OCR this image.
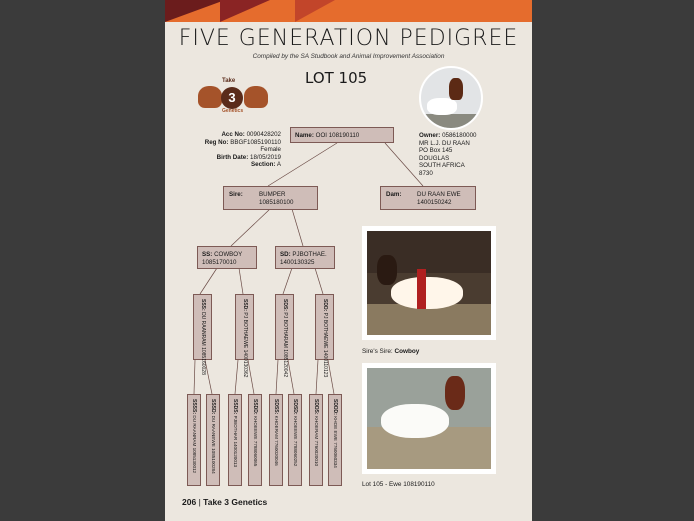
FIVE GENERATION PEDIGREE
Compiled by the SA Studbook and Animal Improvement Association
LOT 105
Take
3
Genetics
Acc No: 0090428202
Reg No: BBGF1085190110
Female
Birth Date: 18/05/2019
Section: A
Owner: 0586180000
MR L.J. DU RAAN
PO Box 145
DOUGLAS
SOUTH AFRICA
8730
Name: OOI 108190110
Sire:	BUMPER
1085180100
Dam:	DU RAAN EWE
1400150242
SS: COWBOY
1085170010
SD: PJBOTHAE.
1400130325
SSS: DU RAANRAM 1085160028
SSD: PJ BOTHAEWE 1400130362
SDS: PJ BOTHARAM 1085120042
SDD: PJ BOTHAEWE 1400110123
SSSS: DU RAANRAM 1085130012
SSSD: DU RAANEWE 1085100284
SSDS: PJBOTHAR 1400120013
SSDD: KHOEEWE 7788060065
SDSS: KHOERAM 7760020046
SDSD: KHOEEWE 7788060252
SDDS: KHOERAM 7760020010
SDDD: KHOE EWE 7760060334
Sire's Sire: Cowboy
Lot 105 - Ewe 108190110
206 | Take 3 Genetics
